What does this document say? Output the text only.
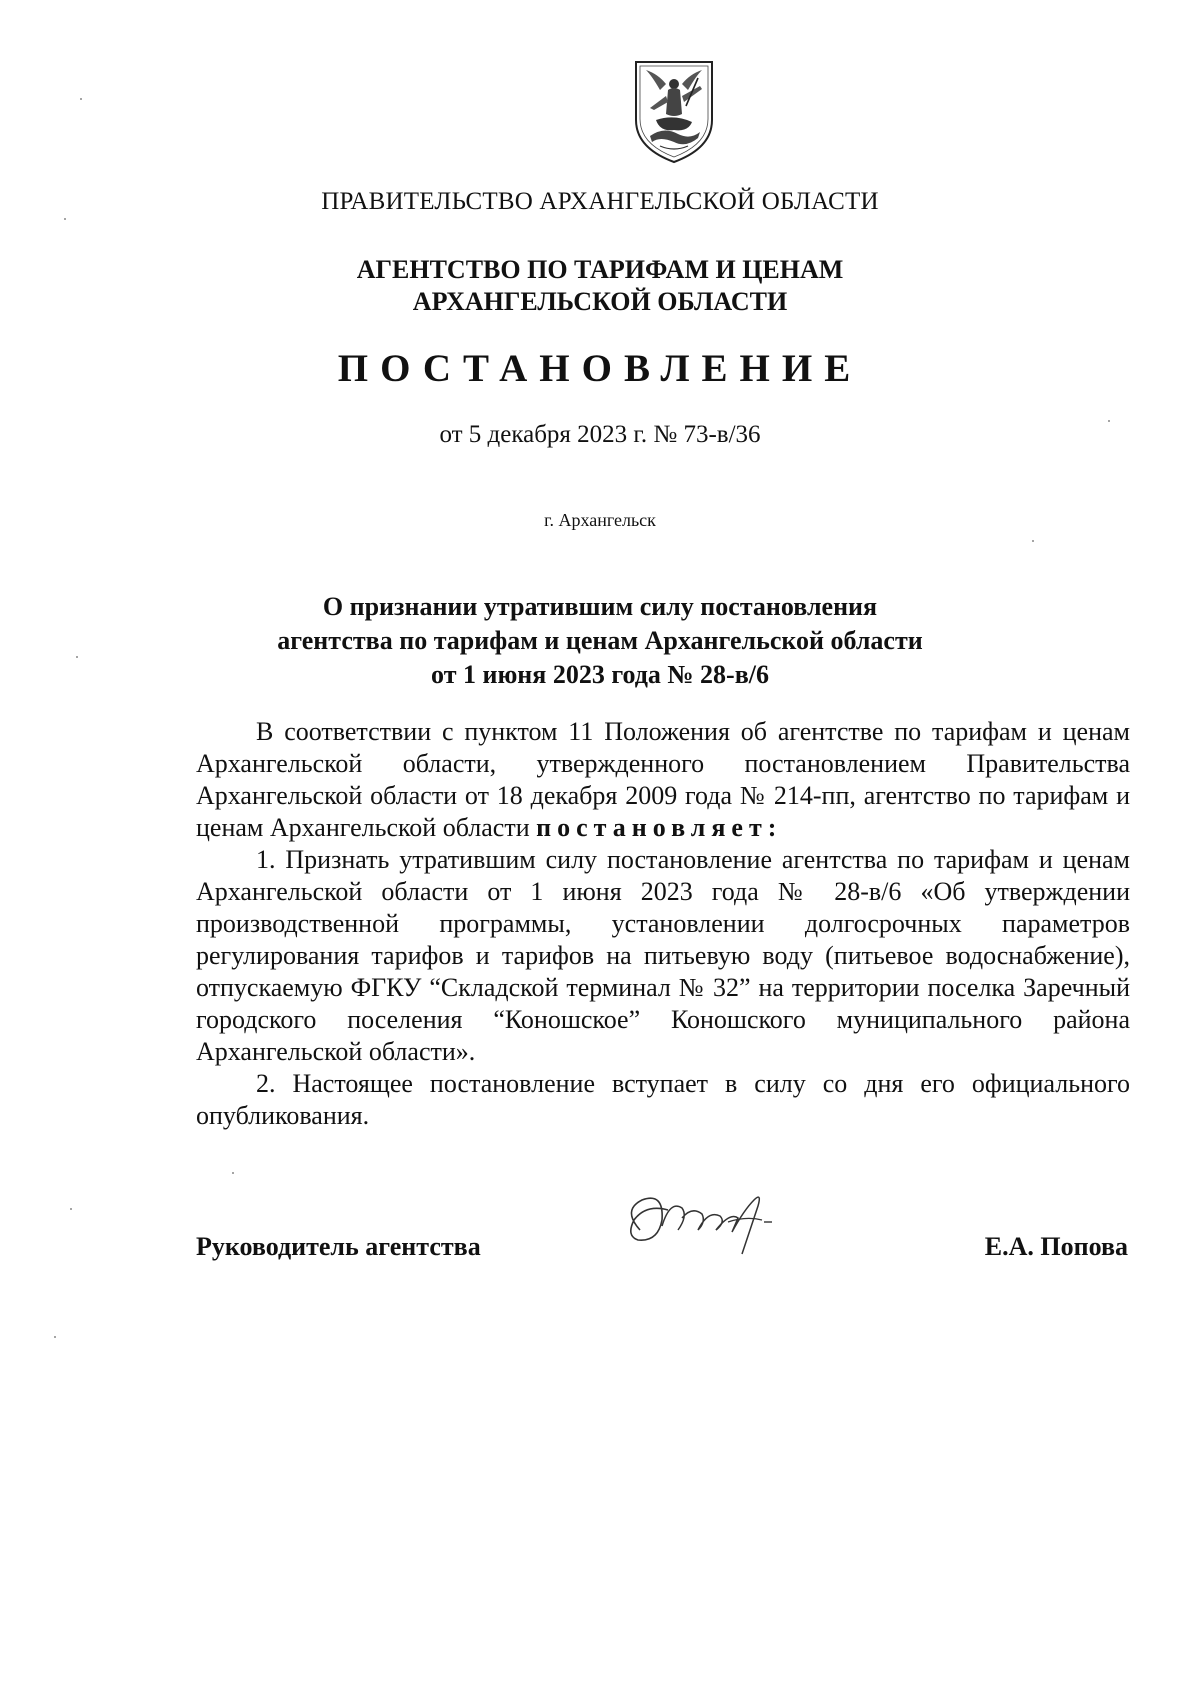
ПРАВИТЕЛЬСТВО АРХАНГЕЛЬСКОЙ ОБЛАСТИ
АГЕНТСТВО ПО ТАРИФАМ И ЦЕНАМ
АРХАНГЕЛЬСКОЙ ОБЛАСТИ
ПОСТАНОВЛЕНИЕ
от 5 декабря 2023 г. № 73-в/36
г. Архангельск
О признании утратившим силу постановления
агентства по тарифам и ценам Архангельской области
от 1 июня 2023 года № 28-в/6

В соответствии с пунктом 11 Положения об агентстве по тарифам и ценам Архангельской области, утвержденного постановлением Правительства Архангельской области от 18 декабря 2009 года № 214-пп, агентство по тарифам и ценам Архангельской области постановляет:

1. Признать утратившим силу постановление агентства по тарифам и ценам Архангельской области от 1 июня 2023 года № 28-в/6 «Об утверждении производственной программы, установлении долгосрочных параметров регулирования тарифов и тарифов на питьевую воду (питьевое водоснабжение), отпускаемую ФГКУ “Складской терминал № 32” на территории поселка Заречный городского поселения “Коношское” Коношского муниципального района Архангельской области».

2. Настоящее постановление вступает в силу со дня его официального опубликования.

Руководитель агентства	Е.А. Попова
